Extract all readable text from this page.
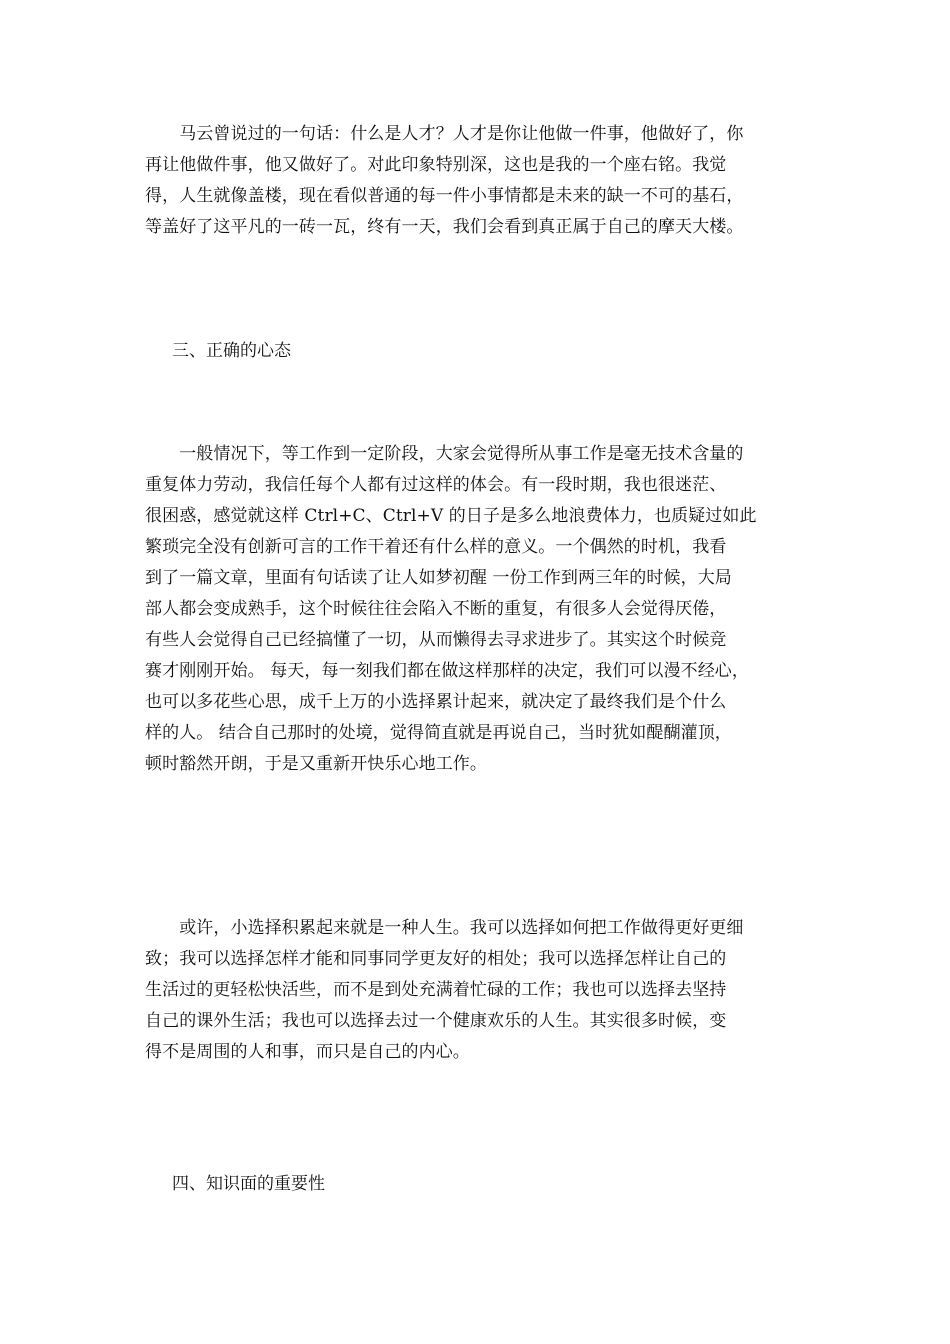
　　马云曾说过的一句话：什么是人才？人才是你让他做一件事，他做好了，你
再让他做件事，他又做好了。对此印象特别深，这也是我的一个座右铭。我觉
得，人生就像盖楼，现在看似普通的每一件小事情都是未来的缺一不可的基石，
等盖好了这平凡的一砖一瓦，终有一天，我们会看到真正属于自己的摩天大楼。
三、正确的心态
　　一般情况下，等工作到一定阶段，大家会觉得所从事工作是毫无技术含量的
重复体力劳动，我信任每个人都有过这样的体会。有一段时期，我也很迷茫、
很困惑，感觉就这样 Ctrl+C、Ctrl+V 的日子是多么地浪费体力，也质疑过如此
繁琐完全没有创新可言的工作干着还有什么样的意义。一个偶然的时机，我看
到了一篇文章，里面有句话读了让人如梦初醒 一份工作到两三年的时候，大局
部人都会变成熟手，这个时候往往会陷入不断的重复，有很多人会觉得厌倦，
有些人会觉得自己已经搞懂了一切，从而懒得去寻求进步了。其实这个时候竞
赛才刚刚开始。 每天，每一刻我们都在做这样那样的决定，我们可以漫不经心，
也可以多花些心思，成千上万的小选择累计起来，就决定了最终我们是个什么
样的人。 结合自己那时的处境，觉得简直就是再说自己，当时犹如醍醐灌顶，
顿时豁然开朗，于是又重新开快乐心地工作。
　　或许，小选择积累起来就是一种人生。我可以选择如何把工作做得更好更细
致；我可以选择怎样才能和同事同学更友好的相处；我可以选择怎样让自己的
生活过的更轻松快活些，而不是到处充满着忙碌的工作；我也可以选择去坚持
自己的课外生活；我也可以选择去过一个健康欢乐的人生。其实很多时候，变
得不是周围的人和事，而只是自己的内心。
四、知识面的重要性
